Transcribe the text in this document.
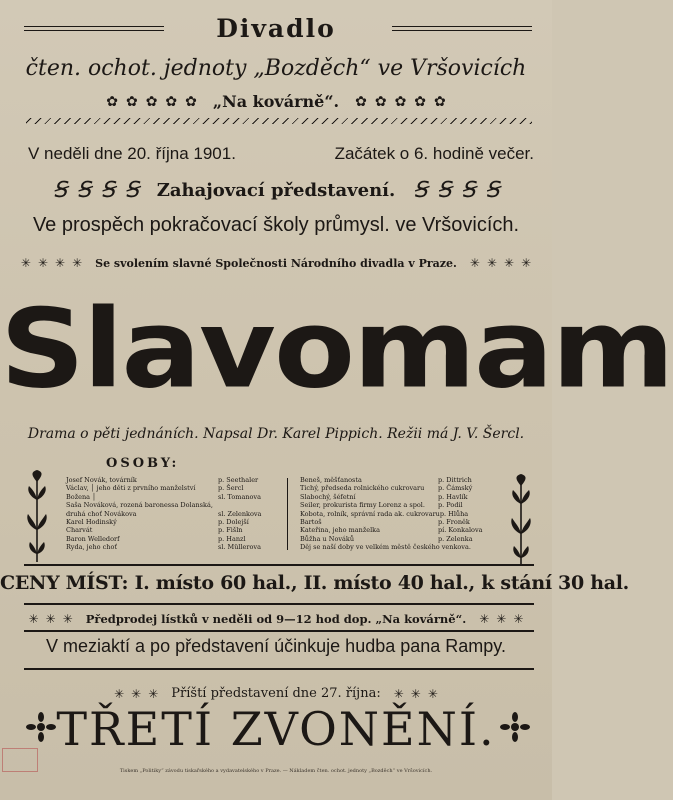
Divadlo
čten. ochot. jednoty „Bozděch“ ve Vršovicích
✿ ✿ ✿ ✿ ✿ „Na kovárně“. ✿ ✿ ✿ ✿ ✿
V neděli dne 20. října 1901.	Začátek o 6. hodině večer.
Ꞩ Ꞩ Ꞩ Ꞩ Zahajovací představení. Ꞩ Ꞩ Ꞩ Ꞩ
Ve prospěch pokračovací školy průmysl. ve Vršovicích.
✳ ✳ ✳ ✳ Se svolením slavné Společnosti Národního divadla v Praze. ✳ ✳ ✳ ✳
Slavomam
Drama o pěti jednáních. Napsal Dr. Karel Pippich. Režii má J. V. Šercl.
OSOBY:
Josef Novák, továrník	p. Seethaler
Václav, │ jeho děti z prvního manželství	p. Šercl
Božena │	sl. Tomanova
Saša Nováková, rozená baronessa Dolanská,
druhá choť Novákova	sl. Zelenkova
Karel Hodinský	p. Dolejší
Charvát	p. Fišln
Baron Welledorf	p. Hanzl
Ryda, jeho choť	sl. Müllerova
Beneš, měšťanosta	p. Dittrich
Tichý, předseda rolnického cukrovaru	p. Čámský
Slabochý, šéfetní	p. Havlík
Seiler, prokurista firmy Lorenz a spol.	p. Podil
Kobota, rolník, správní rada ak. cukrovaru p. Hlůha
Bartoš	p. Froněk
Kateřina, jeho manželka	pí. Konkalova
Bůžha u Nováků	p. Zelenka
Děj se naší doby ve velkém městě českého venkova.
CENY MÍST: I. místo 60 hal., II. místo 40 hal., k stání 30 hal.
✳ ✳ ✳ Předprodej lístků v neděli od 9—12 hod dop. „Na kovárně“. ✳ ✳ ✳
V meziaktí a po představení účinkuje hudba pana Rampy.
✳ ✳ ✳ Příští představení dne 27. října: ✳ ✳ ✳
TŘETÍ ZVONĚNÍ.
Tiskem „Politiky“ závodu tiskařského a vydavatelského v Praze. — Nákladem čten. ochot. jednoty „Bozděch“ ve Vršovicích.
